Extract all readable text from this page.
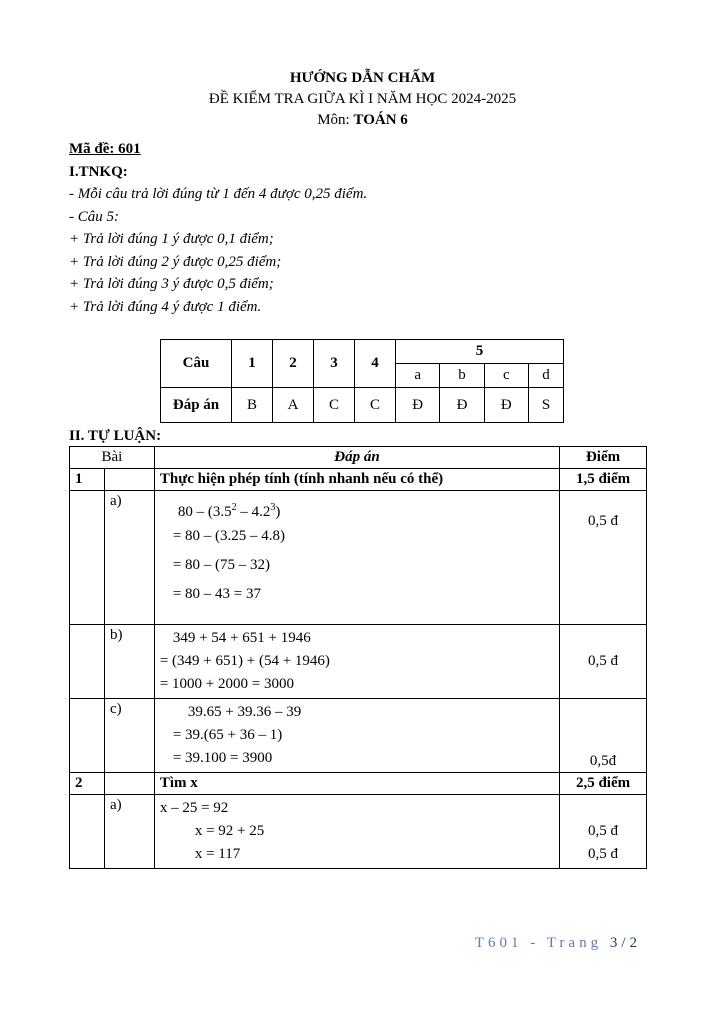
HƯỚNG DẪN CHẤM
ĐỀ KIỂM TRA GIỮA KÌ I NĂM HỌC 2024-2025
Môn: TOÁN 6
Mã đề: 601
I.TNKQ:
- Mỗi câu trả lời đúng từ 1 đến 4 được 0,25 điểm.
- Câu 5:
+ Trả lời đúng 1 ý được 0,1 điểm;
+ Trả lời đúng 2 ý được 0,25 điểm;
+ Trả lời đúng 3 ý được 0,5 điểm;
+ Trả lời đúng 4 ý được 1 điểm.
Câu	1	2	3	4	5			
					a	b	c	d
Đáp án	B	A	C	C	Đ	Đ	Đ	S
II. TỰ LUẬN:
Bài		Đáp án	Điểm
1		Thực hiện phép tính (tính nhanh nếu có thể)	1,5 điểm
	a)	$80 - (3.5^2 - 4.2^3)$
= 80 – (3.25 – 4.8)
= 80 – (75 – 32)
= 80 – 43 = 37	0,5 đ
	b)	349 + 54 + 651 + 1946
= (349 + 651) + (54 + 1946)
= 1000 + 2000 = 3000	0,5 đ
	c)	39.65 + 39.36 – 39
= 39.(65 + 36 – 1)
= 39.100 = 3900	0,5đ
2		Tìm x	2,5 điểm
	a)	x – 25 = 92
x = 92 + 25
x = 117	0,5 đ
0,5 đ
T601 - Trang 3/2
